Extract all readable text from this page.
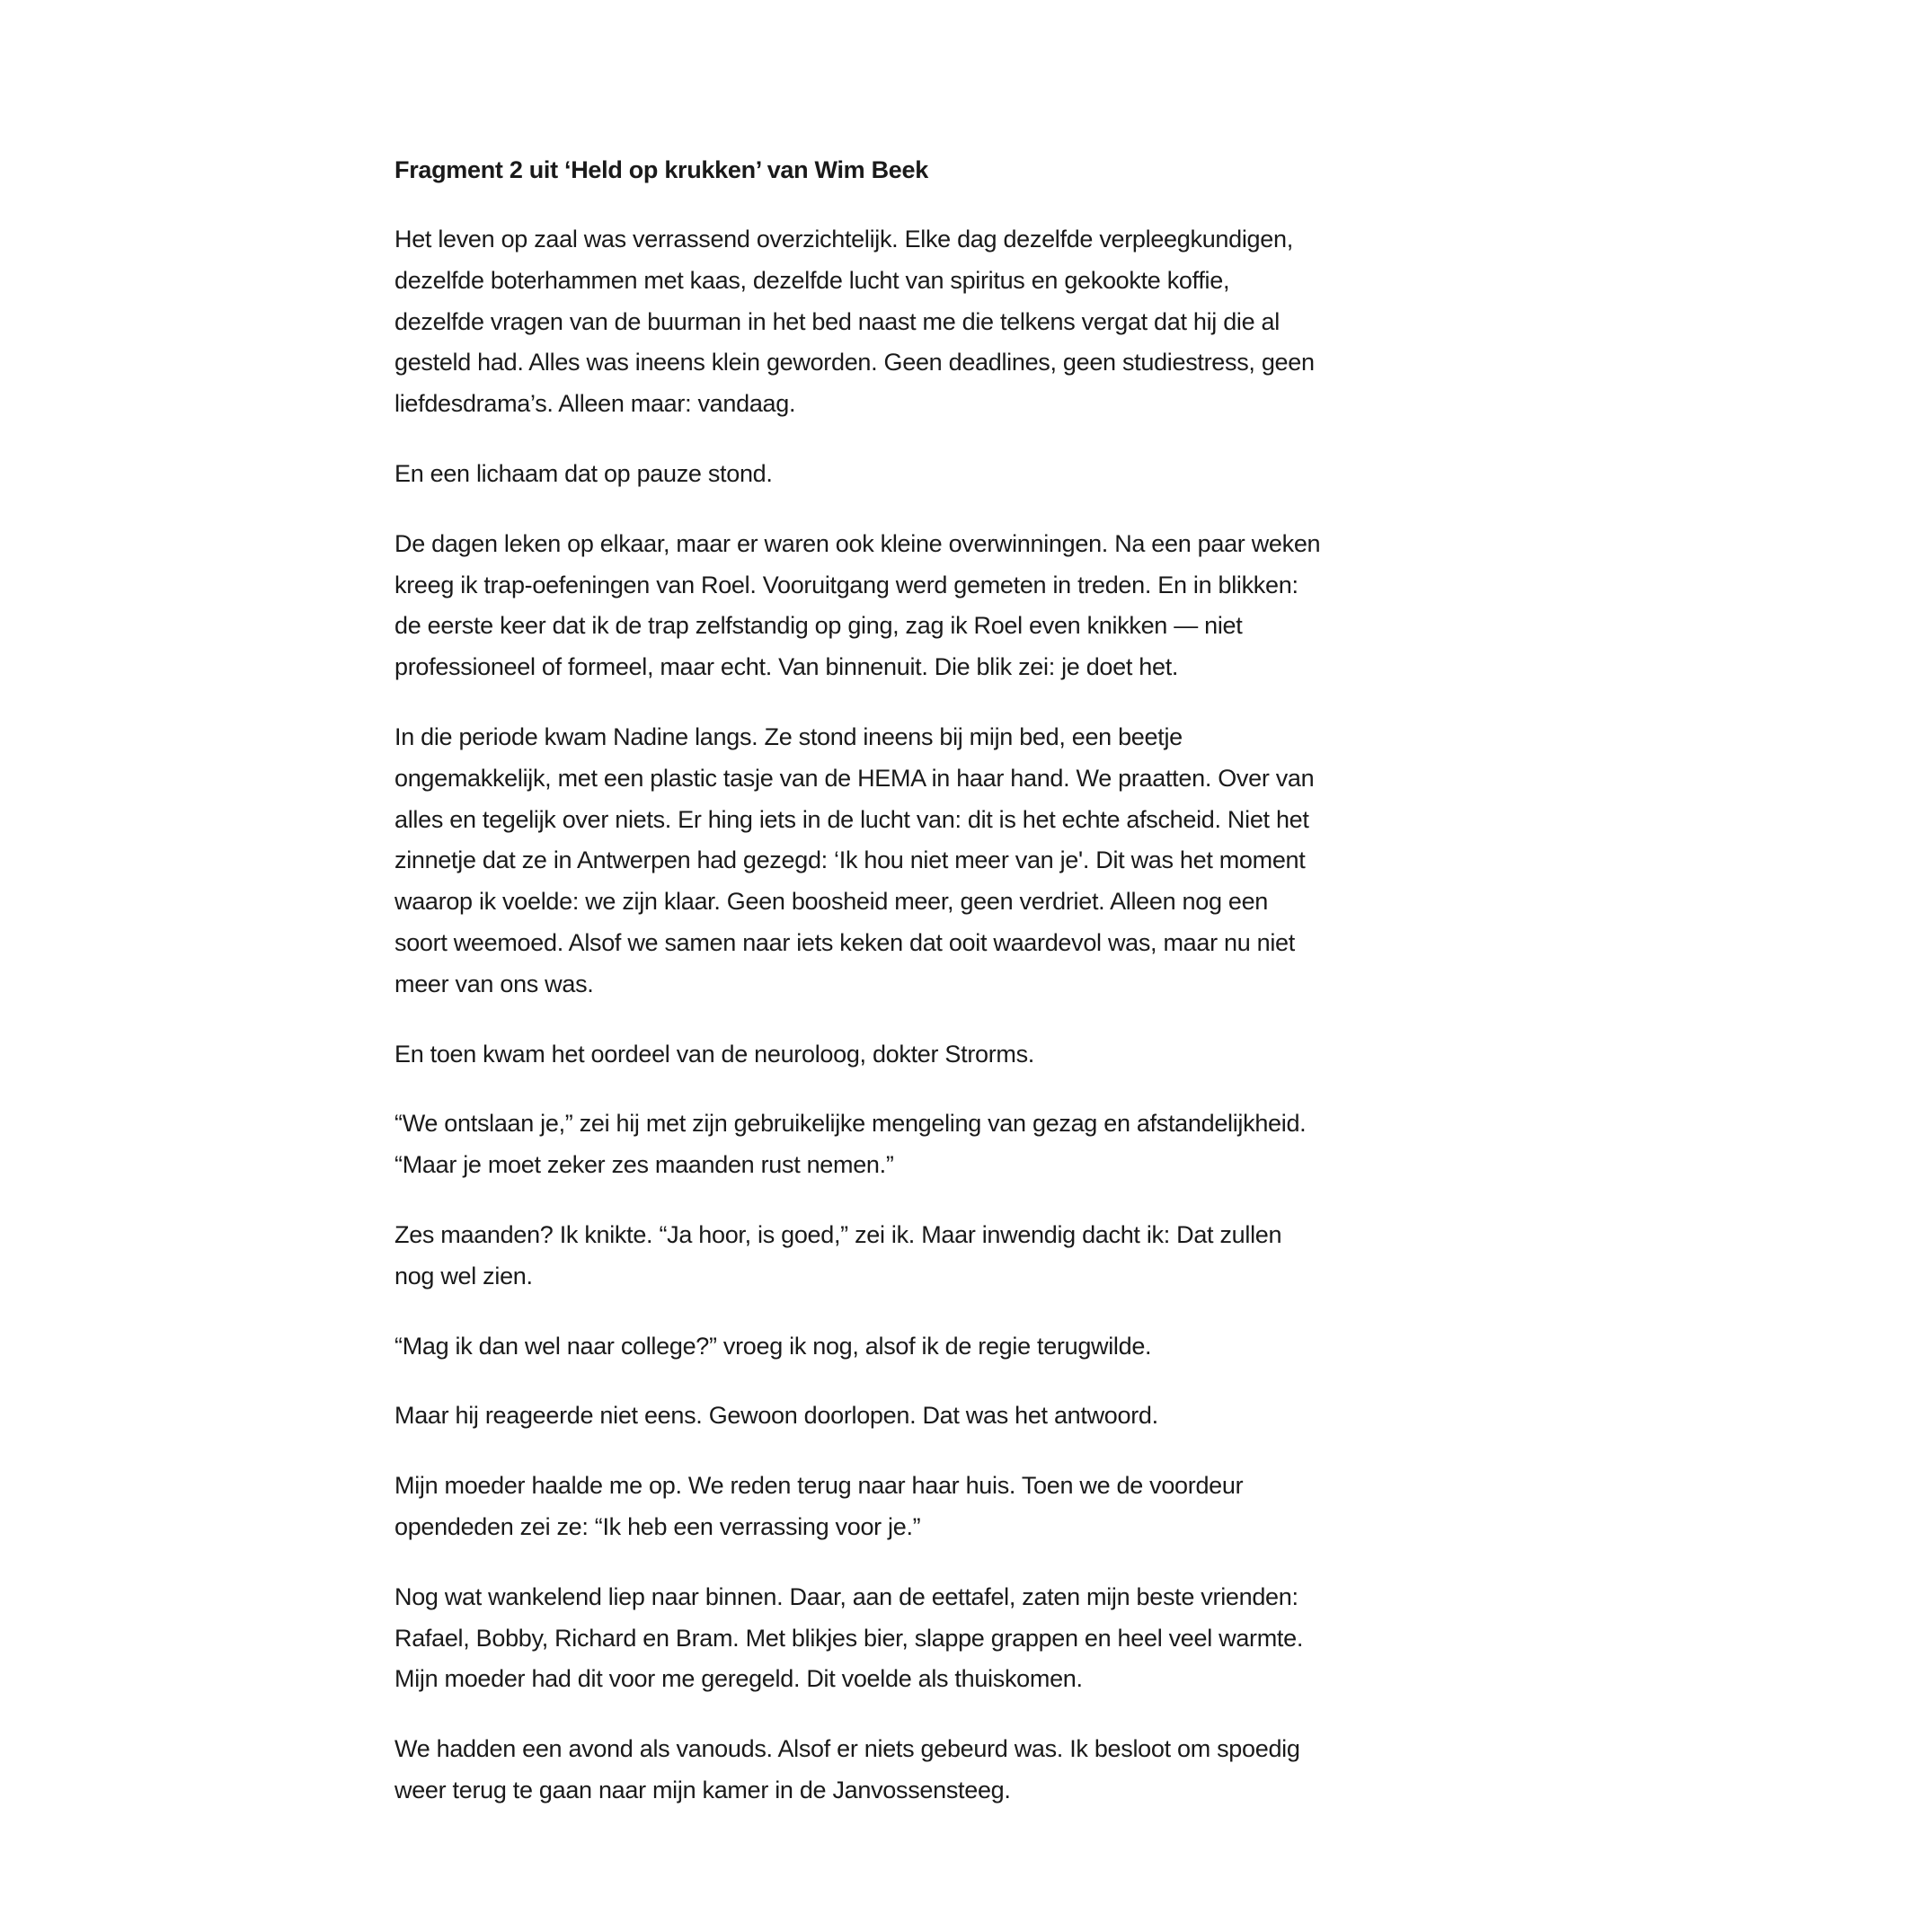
Fragment 2 uit ‘Held op krukken’ van Wim Beek

Het leven op zaal was verrassend overzichtelijk. Elke dag dezelfde verpleegkundigen,
dezelfde boterhammen met kaas, dezelfde lucht van spiritus en gekookte koffie,
dezelfde vragen van de buurman in het bed naast me die telkens vergat dat hij die al
gesteld had. Alles was ineens klein geworden. Geen deadlines, geen studiestress, geen
liefdesdrama’s. Alleen maar: vandaag.

En een lichaam dat op pauze stond.

De dagen leken op elkaar, maar er waren ook kleine overwinningen. Na een paar weken
kreeg ik trap-oefeningen van Roel. Vooruitgang werd gemeten in treden. En in blikken:
de eerste keer dat ik de trap zelfstandig op ging, zag ik Roel even knikken — niet
professioneel of formeel, maar echt. Van binnenuit. Die blik zei: je doet het.

In die periode kwam Nadine langs. Ze stond ineens bij mijn bed, een beetje
ongemakkelijk, met een plastic tasje van de HEMA in haar hand. We praatten. Over van
alles en tegelijk over niets. Er hing iets in de lucht van: dit is het echte afscheid. Niet het
zinnetje dat ze in Antwerpen had gezegd: ‘Ik hou niet meer van je'. Dit was het moment
waarop ik voelde: we zijn klaar. Geen boosheid meer, geen verdriet. Alleen nog een
soort weemoed. Alsof we samen naar iets keken dat ooit waardevol was, maar nu niet
meer van ons was.

En toen kwam het oordeel van de neuroloog, dokter Strorms.

“We ontslaan je,” zei hij met zijn gebruikelijke mengeling van gezag en afstandelijkheid.
“Maar je moet zeker zes maanden rust nemen.”

Zes maanden? Ik knikte. “Ja hoor, is goed,” zei ik. Maar inwendig dacht ik: Dat zullen
nog wel zien.

“Mag ik dan wel naar college?” vroeg ik nog, alsof ik de regie terugwilde.

Maar hij reageerde niet eens. Gewoon doorlopen. Dat was het antwoord.

Mijn moeder haalde me op. We reden terug naar haar huis. Toen we de voordeur
opendeden zei ze: “Ik heb een verrassing voor je.”

Nog wat wankelend liep naar binnen. Daar, aan de eettafel, zaten mijn beste vrienden:
Rafael, Bobby, Richard en Bram. Met blikjes bier, slappe grappen en heel veel warmte.
Mijn moeder had dit voor me geregeld. Dit voelde als thuiskomen.

We hadden een avond als vanouds. Alsof er niets gebeurd was. Ik besloot om spoedig
weer terug te gaan naar mijn kamer in de Janvossensteeg.
